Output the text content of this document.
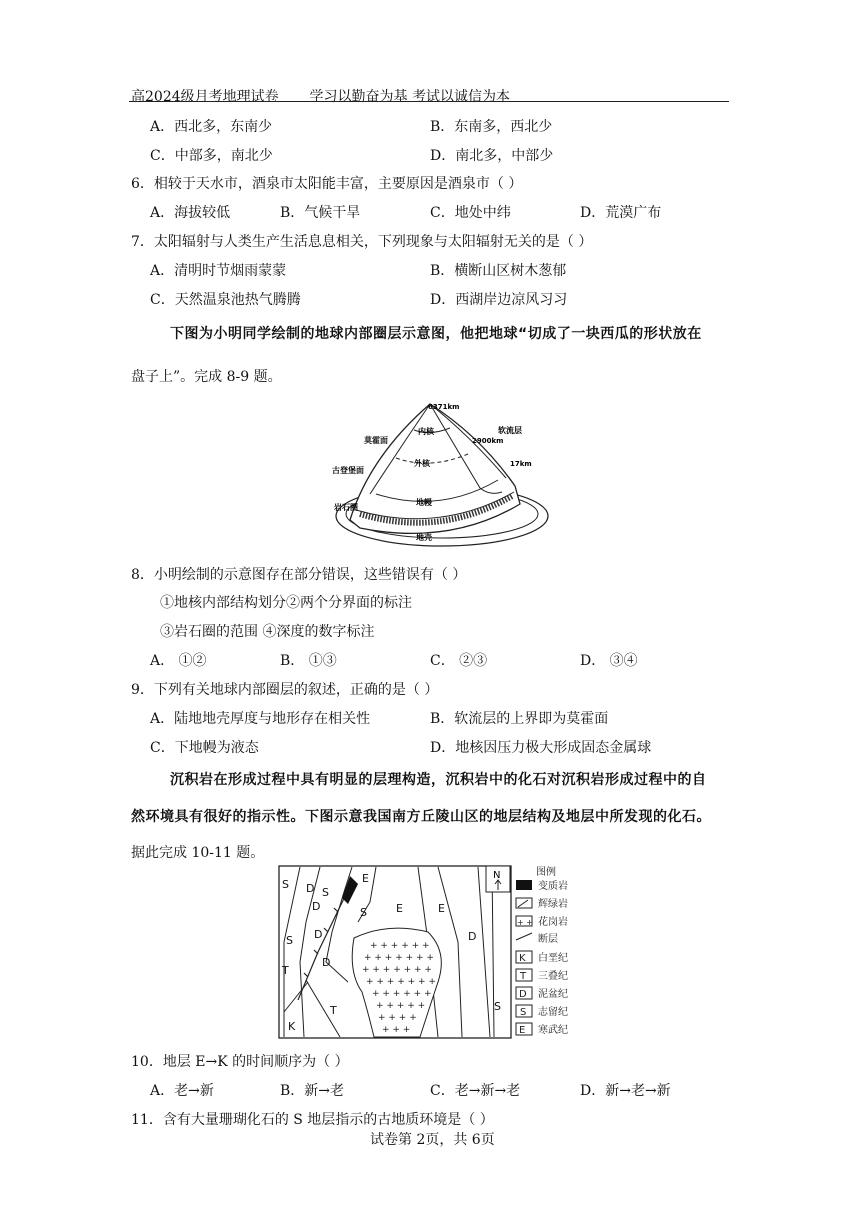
高2024级月考地理试卷 学习以勤奋为基 考试以诚信为本
A．西北多，东南少	B．东南多，西北少
C．中部多，南北少	D．南北多，中部少
6．相较于天水市，酒泉市太阳能丰富，主要原因是酒泉市（ ）
A．海拔较低	B．气候干旱	C．地处中纬	D．荒漠广布
7．太阳辐射与人类生产生活息息相关，下列现象与太阳辐射无关的是（ ）
A．清明时节烟雨蒙蒙	B．横断山区树木葱郁
C．天然温泉池热气腾腾	D．西湖岸边凉风习习
下图为小明同学绘制的地球内部圈层示意图，他把地球“切成了一块西瓜的形状放在
盘子上”。完成 8-9 题。
6371km
内核
莫霍面
软流层
2900km
外核
古登堡面
17km
岩石圈
地幔
地壳
8．小明绘制的示意图存在部分错误，这些错误有（ ）
①地核内部结构划分②两个分界面的标注
③岩石圈的范围 ④深度的数字标注
A． ①②	B． ①③	C． ②③	D． ③④
9．下列有关地球内部圈层的叙述，正确的是（ ）
A．陆地地壳厚度与地形存在相关性	B．软流层的上界即为莫霍面
C．下地幔为液态	D．地核因压力极大形成固态金属球
沉积岩在形成过程中具有明显的层理构造，沉积岩中的化石对沉积岩形成过程中的自
然环境具有很好的指示性。下图示意我国南方丘陵山区的地层结构及地层中所发现的化石。
据此完成 10-11 题。
+ + + + + +
+ + + + + + +
+ + + + + + +
+ + + + + + +
+ + + + + +
+ + + + +
+ + + +
+ + +
S D S
E
D	S	E	E
S	D
D
T
D
T	S
K
N	图例
变质岩
辉绿岩
+ + 花岗岩
断层
K 白垩纪
T 三叠纪
D 泥盆纪
S 志留纪
E 寒武纪
10．地层 E→K 的时间顺序为（ ）
A．老→新	B．新→老	C．老→新→老	D．新→老→新
11．含有大量珊瑚化石的 S 地层指示的古地质环境是（ ）
试卷第 2页，共 6页
